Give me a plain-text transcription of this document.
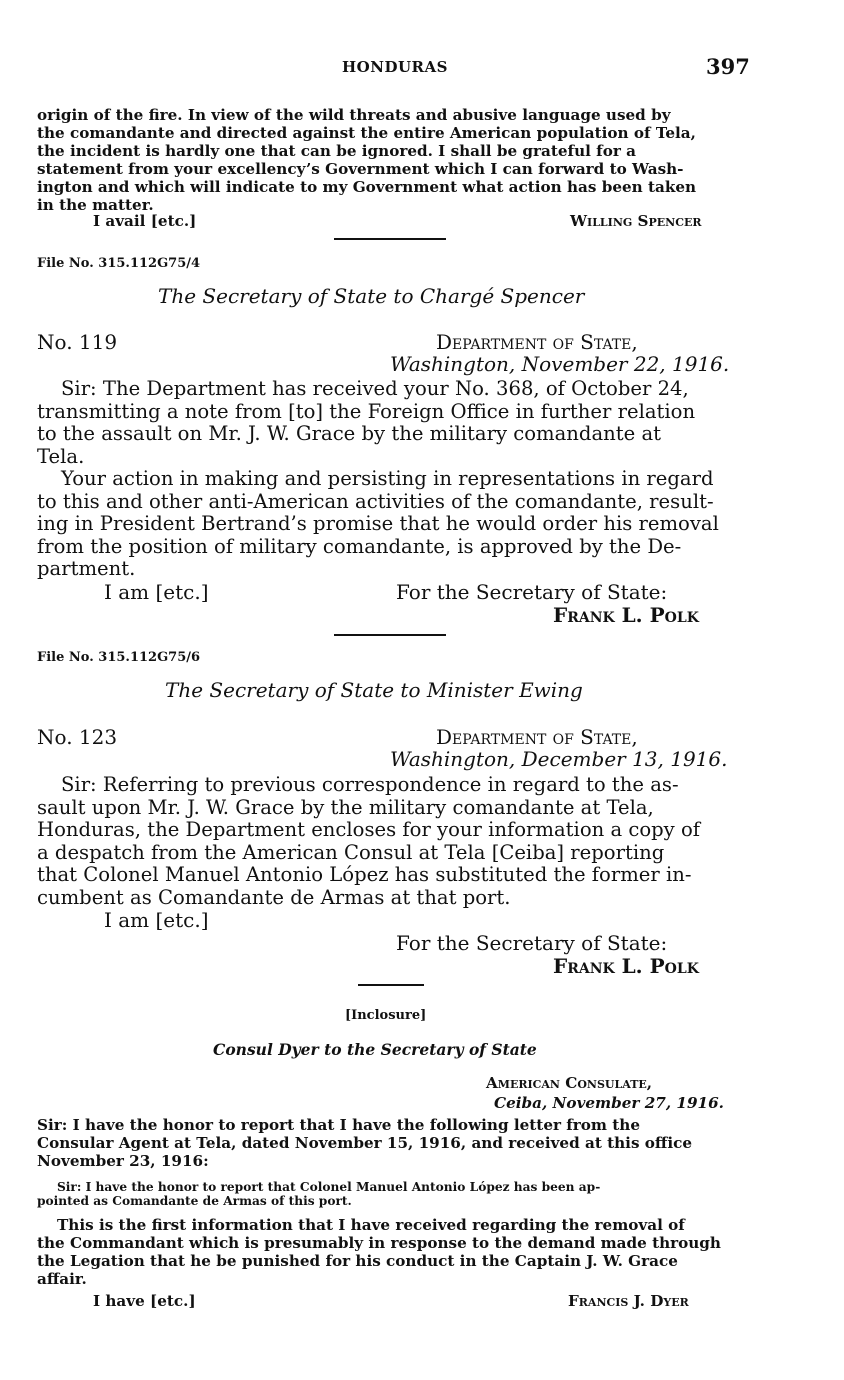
HONDURAS	397
origin of the fire. In view of the wild threats and abusive language used by
the comandante and directed against the entire American population of Tela,
the incident is hardly one that can be ignored. I shall be grateful for a
statement from your excellency’s Government which I can forward to Wash-
ington and which will indicate to my Government what action has been taken
in the matter.
I avail [etc.]	Willing Spencer
File No. 315.112G75/4
The Secretary of State to Chargé Spencer
No. 119	Department of State,
Washington, November 22, 1916.
Sir: The Department has received your No. 368, of October 24,
transmitting a note from [to] the Foreign Office in further relation
to the assault on Mr. J. W. Grace by the military comandante at
Tela.
Your action in making and persisting in representations in regard
to this and other anti-American activities of the comandante, result-
ing in President Bertrand’s promise that he would order his removal
from the position of military comandante, is approved by the De-
partment.
I am [etc.]	For the Secretary of State:
Frank L. Polk
File No. 315.112G75/6
The Secretary of State to Minister Ewing
No. 123	Department of State,
Washington, December 13, 1916.
Sir: Referring to previous correspondence in regard to the as-
sault upon Mr. J. W. Grace by the military comandante at Tela,
Honduras, the Department encloses for your information a copy of
a despatch from the American Consul at Tela [Ceiba] reporting
that Colonel Manuel Antonio López has substituted the former in-
cumbent as Comandante de Armas at that port.
I am [etc.]
For the Secretary of State:
Frank L. Polk
[Inclosure]
Consul Dyer to the Secretary of State
American Consulate,
Ceiba, November 27, 1916.
Sir: I have the honor to report that I have the following letter from the
Consular Agent at Tela, dated November 15, 1916, and received at this office
November 23, 1916:
Sir: I have the honor to report that Colonel Manuel Antonio López has been ap-
pointed as Comandante de Armas of this port.
This is the first information that I have received regarding the removal of
the Commandant which is presumably in response to the demand made through
the Legation that he be punished for his conduct in the Captain J. W. Grace
affair.
I have [etc.]	Francis J. Dyer
